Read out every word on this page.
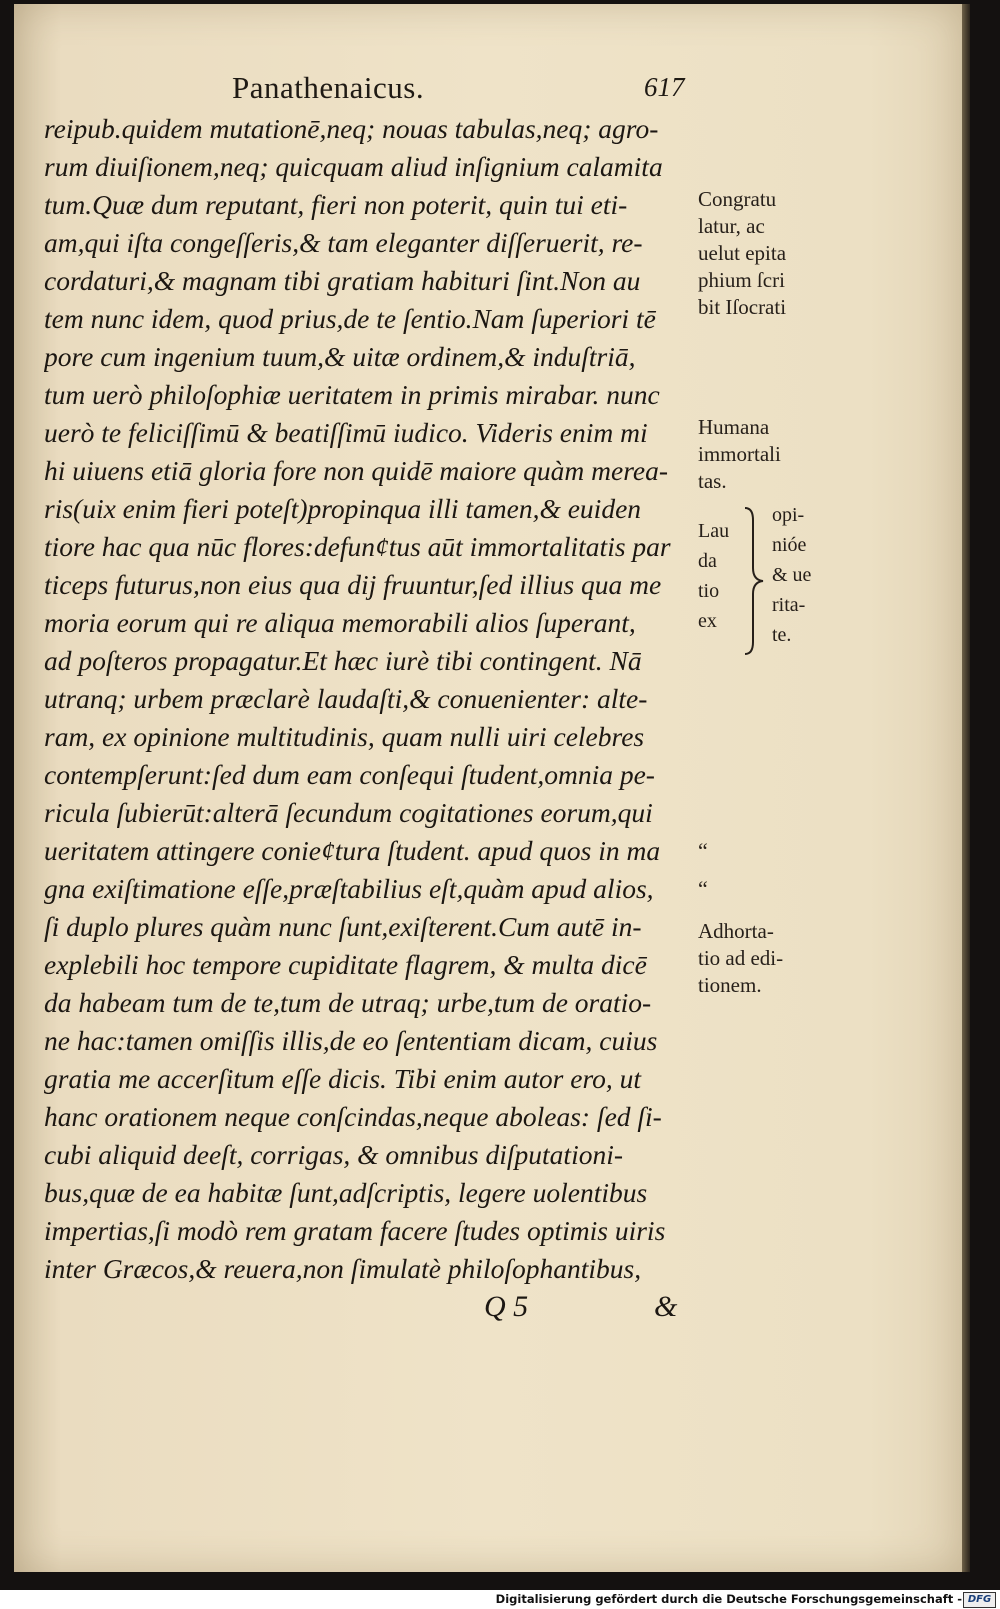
Panathenaicus.	617
reipub.quidem mutationē,neq; nouas tabulas,neq; agro-
rum diuiſionem,neq; quicquam aliud inſignium calamita
tum.Quæ dum reputant, fieri non poterit, quin tui eti-
am,qui iſta congeſſeris,& tam eleganter diſſeruerit, re-
cordaturi,& magnam tibi gratiam habituri ſint.Non au
tem nunc idem, quod prius,de te ſentio.Nam ſuperiori tē
pore cum ingenium tuum,& uitæ ordinem,& induſtriā,
tum uerò philoſophiæ ueritatem in primis mirabar. nunc
uerò te feliciſſimū & beatiſſimū iudico. Videris enim mi
hi uiuens etiā gloria fore non quidē maiore quàm merea-
ris(uix enim fieri poteſt)propinqua illi tamen,& euiden
tiore hac qua nūc flores:defun¢tus aūt immortalitatis par
ticeps futurus,non eius qua dij fruuntur,ſed illius qua me
moria eorum qui re aliqua memorabili alios ſuperant,
ad poſteros propagatur.Et hæc iurè tibi contingent. Nā
utranq; urbem præclarè laudaſti,& conuenienter: alte-
ram, ex opinione multitudinis, quam nulli uiri celebres
contempſerunt:ſed dum eam conſequi ſtudent,omnia pe-
ricula ſubierūt:alterā ſecundum cogitationes eorum,qui
ueritatem attingere conie¢tura ſtudent. apud quos in ma
gna exiſtimatione eſſe,præſtabilius eſt,quàm apud alios,
ſi duplo plures quàm nunc ſunt,exiſterent.Cum autē in-
explebili hoc tempore cupiditate flagrem, & multa dicē
da habeam tum de te,tum de utraq; urbe,tum de oratio-
ne hac:tamen omiſſis illis,de eo ſententiam dicam, cuius
gratia me accerſitum eſſe dicis. Tibi enim autor ero, ut
hanc orationem neque conſcindas,neque aboleas: ſed ſi-
cubi aliquid deeſt, corrigas, & omnibus diſputationi-
bus,quæ de ea habitæ ſunt,adſcriptis, legere uolentibus
impertias,ſi modò rem gratam facere ſtudes optimis uiris
inter Græcos,& reuera,non ſimulatè philoſophantibus,
Congratu
latur, ac
uelut epita
phium ſcri
bit Iſocrati
Humana
immortali
tas.
Lau
da
tio
ex
opi-
nióe
& ue
rita-
te.
“
“
Adhorta-
tio ad edi-
tionem.
Q 5	&
Digitalisierung gefördert durch die Deutsche Forschungsgemeinschaft - DFG
